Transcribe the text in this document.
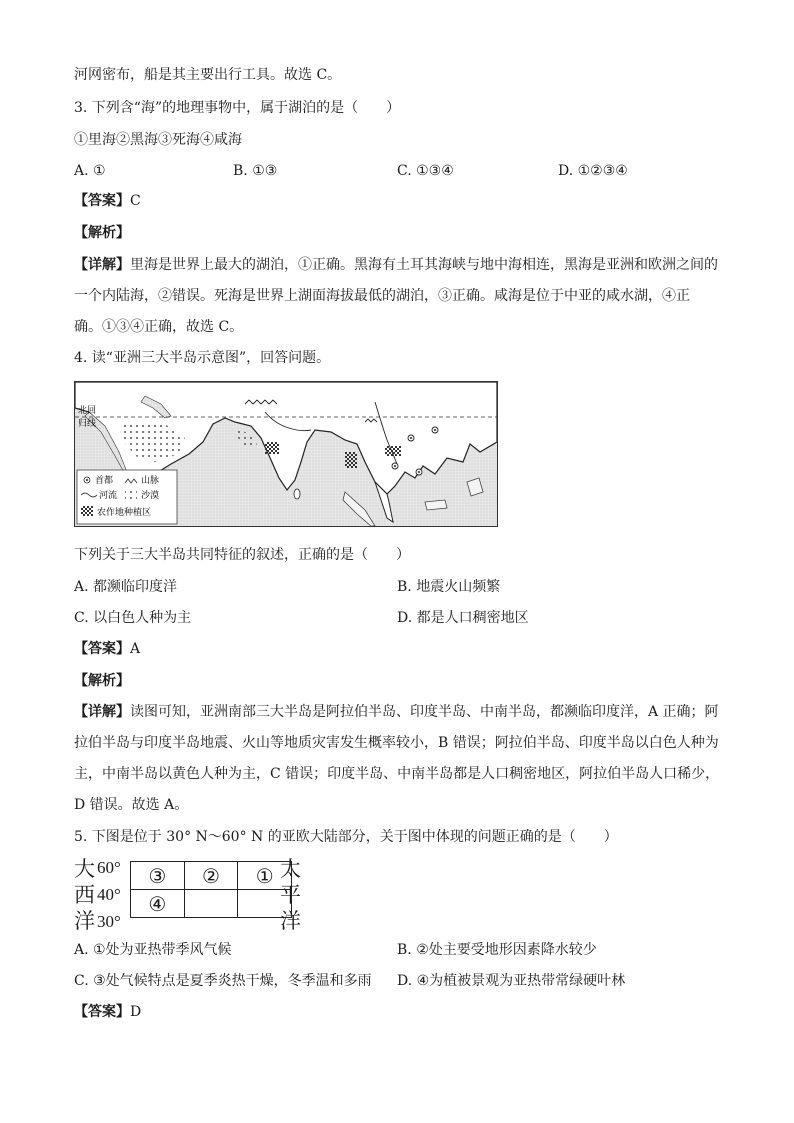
河网密布，船是其主要出行工具。故选 C。
3. 下列含“海”的地理事物中，属于湖泊的是（　　）
①里海②黑海③死海④咸海
A. ①	B. ①③	C. ①③④	D. ①②③④
【答案】C
【解析】
【详解】里海是世界上最大的湖泊，①正确。黑海有土耳其海峡与地中海相连，黑海是亚洲和欧洲之间的
一个内陆海，②错误。死海是世界上湖面海拔最低的湖泊，③正确。咸海是位于中亚的咸水湖，④正
确。①③④正确，故选 C。
4. 读“亚洲三大半岛示意图”，回答问题。
北回
归线
首都	山脉
河流	沙漠
农作地种植区
下列关于三大半岛共同特征的叙述，正确的是（　　）
A. 都濒临印度洋	B. 地震火山频繁
C. 以白色人种为主	D. 都是人口稠密地区
【答案】A
【解析】
【详解】读图可知，亚洲南部三大半岛是阿拉伯半岛、印度半岛、中南半岛，都濒临印度洋，A 正确；阿
拉伯半岛与印度半岛地震、火山等地质灾害发生概率较小，B 错误；阿拉伯半岛、印度半岛以白色人种为
主，中南半岛以黄色人种为主，C 错误；印度半岛、中南半岛都是人口稠密地区，阿拉伯半岛人口稀少，
D 错误。故选 A。
5. 下图是位于 30° N～60° N 的亚欧大陆部分，关于图中体现的问题正确的是（　　）
大
西
洋
60°
40°
30°
③	②	①
④		
太
平
洋
A. ①处为亚热带季风气候	B. ②处主要受地形因素降水较少
C. ③处气候特点是夏季炎热干燥，冬季温和多雨 D. ④为植被景观为亚热带常绿硬叶林
【答案】D
